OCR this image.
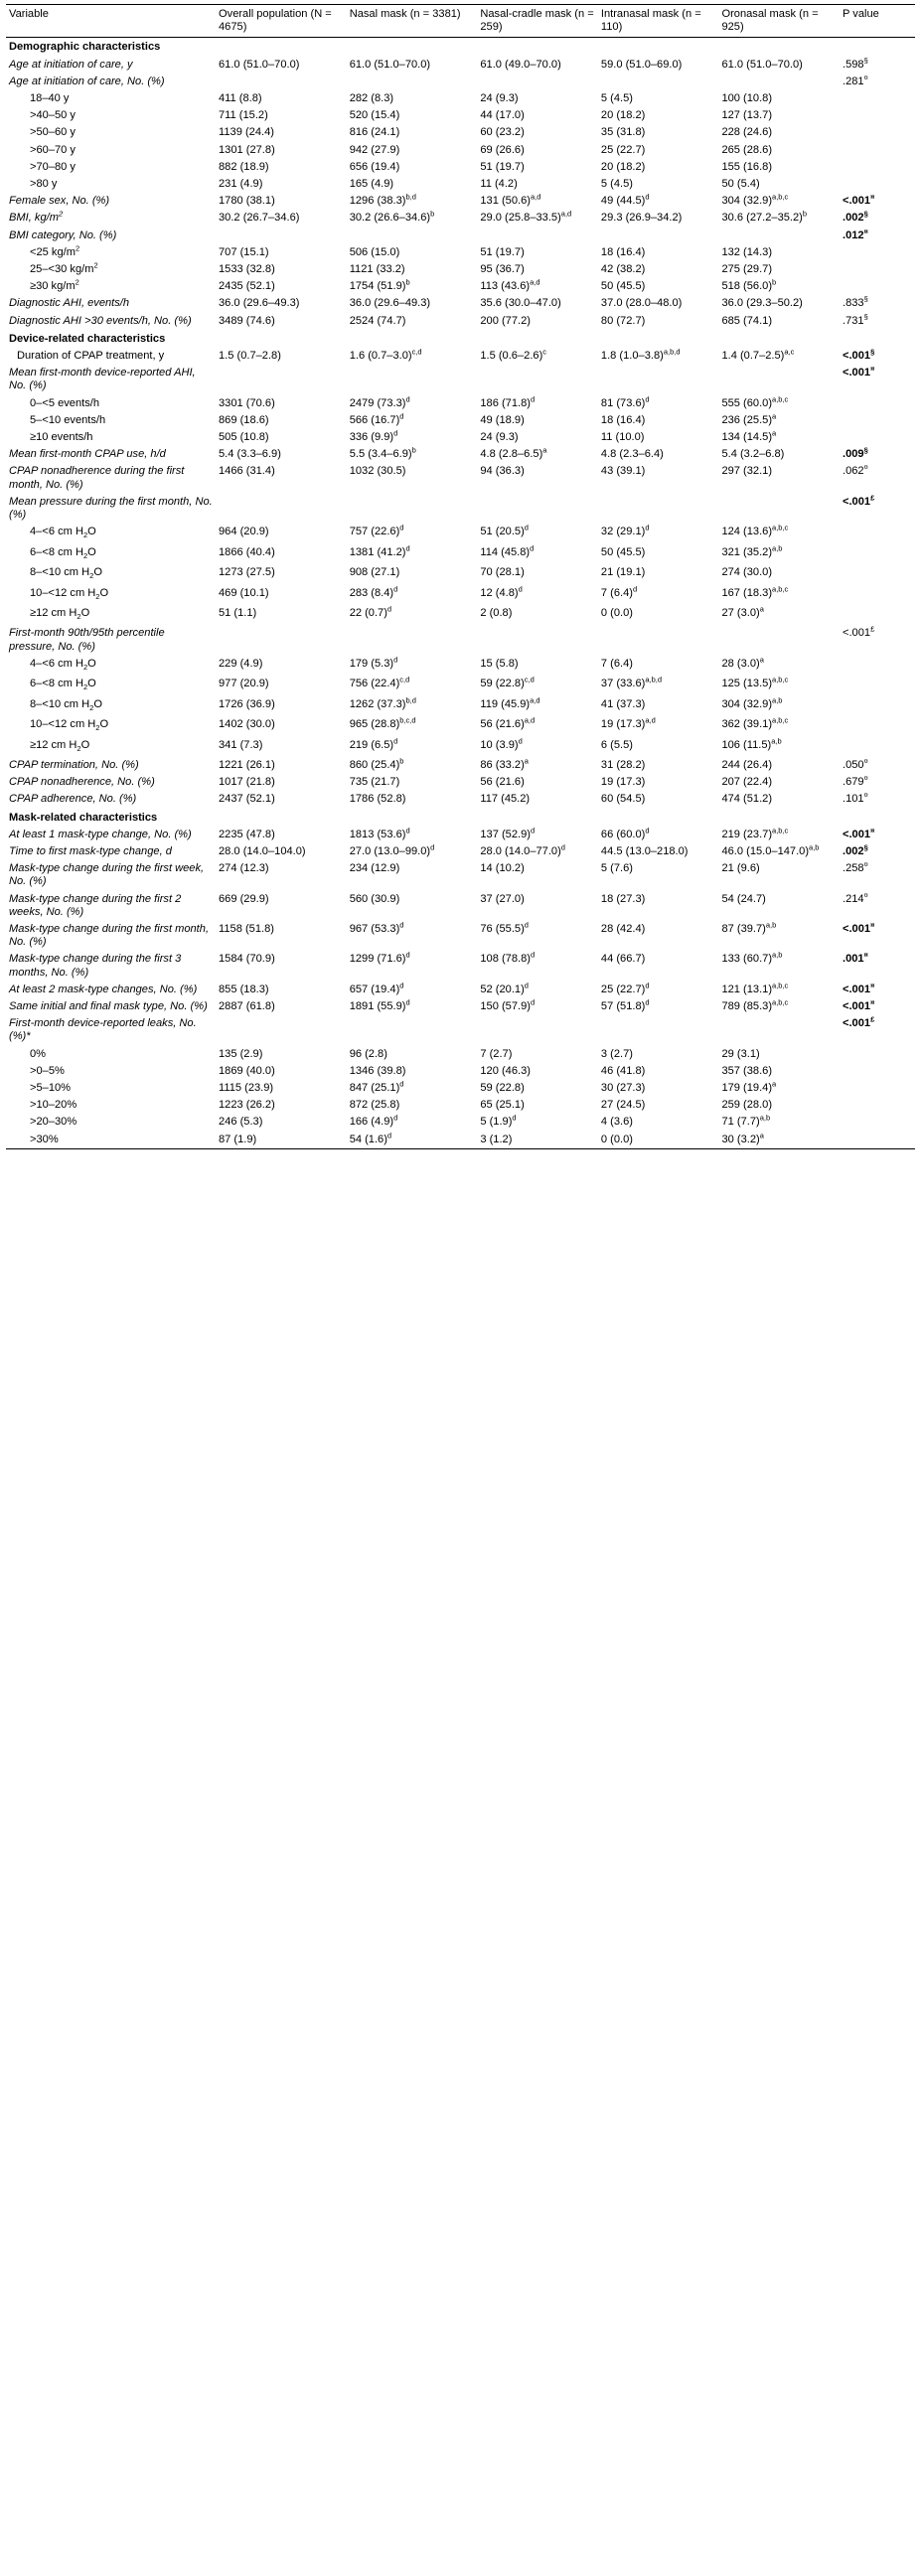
Variable	Overall population (N = 4675)	Nasal mask (n = 3381)	Nasal-cradle mask (n = 259)	Intranasal mask (n = 110)	Oronasal mask (n = 925)	P value
Demographic characteristics						
Age at initiation of care, y	61.0 (51.0–70.0)	61.0 (51.0–70.0)	61.0 (49.0–70.0)	59.0 (51.0–69.0)	61.0 (51.0–70.0)	.598§
Age at initiation of care, No. (%)						.281¤
18–40 y	411 (8.8)	282 (8.3)	24 (9.3)	5 (4.5)	100 (10.8)	
>40–50 y	711 (15.2)	520 (15.4)	44 (17.0)	20 (18.2)	127 (13.7)	
>50–60 y	1139 (24.4)	816 (24.1)	60 (23.2)	35 (31.8)	228 (24.6)	
>60–70 y	1301 (27.8)	942 (27.9)	69 (26.6)	25 (22.7)	265 (28.6)	
>70–80 y	882 (18.9)	656 (19.4)	51 (19.7)	20 (18.2)	155 (16.8)	
>80 y	231 (4.9)	165 (4.9)	11 (4.2)	5 (4.5)	50 (5.4)	
Female sex, No. (%)	1780 (38.1)	1296 $(38.3)^{b,d}$	131 $(50.6)^{a,d}$	49 $(44.5)^d$	304 $(32.9)^{a,b,c}$	<.001¤
BMI, $kg/m^2$	30.2 (26.7–34.6)	30.2 $(26.6-34.6)^b$	29.0 $(25.8-33.5)^{a,d}$	29.3 (26.9–34.2)	30.6 $(27.2-35.2)^b$	.002§
BMI category, No. (%)						.012¤
<25 $kg/m^2$	707 (15.1)	506 (15.0)	51 (19.7)	18 (16.4)	132 (14.3)	
25–<30 $kg/m^2$	1533 (32.8)	1121 (33.2)	95 (36.7)	42 (38.2)	275 (29.7)	
≥30 $kg/m^2$	2435 (52.1)	1754 $(51.9)^b$	113 $(43.6)^{a,d}$	50 (45.5)	518 $(56.0)^b$	
Diagnostic AHI, events/h	36.0 (29.6–49.3)	36.0 (29.6–49.3)	35.6 (30.0–47.0)	37.0 (28.0–48.0)	36.0 (29.3–50.2)	.833§
Diagnostic AHI >30 events/h, No. (%)	3489 (74.6)	2524 (74.7)	200 (77.2)	80 (72.7)	685 (74.1)	.731§
Device-related characteristics						
Duration of CPAP treatment, y	1.5 (0.7–2.8)	1.6 $(0.7-3.0)^{c,d}$	1.5 $(0.6-2.6)^c$	1.8 $(1.0-3.8)^{a,b,d}$	1.4 $(0.7-2.5)^{a,c}$	<.001§
Mean first-month device-reported AHI, No. (%)						<.001¤
0–<5 events/h	3301 (70.6)	2479 $(73.3)^d$	186 $(71.8)^d$	81 $(73.6)^d$	555 $(60.0)^{a,b,c}$	
5–<10 events/h	869 (18.6)	566 $(16.7)^d$	49 (18.9)	18 (16.4)	236 $(25.5)^a$	
≥10 events/h	505 (10.8)	336 $(9.9)^d$	24 (9.3)	11 (10.0)	134 $(14.5)^a$	
Mean first-month CPAP use, h/d	5.4 (3.3–6.9)	5.5 $(3.4-6.9)^b$	4.8 $(2.8-6.5)^a$	4.8 (2.3–6.4)	5.4 (3.2–6.8)	.009§
CPAP nonadherence during the first month, No. (%)	1466 (31.4)	1032 (30.5)	94 (36.3)	43 (39.1)	297 (32.1)	.062¤
Mean pressure during the first month, No. (%)						<.001£
4–<6 cm $H_2O$	964 (20.9)	757 $(22.6)^d$	51 $(20.5)^d$	32 $(29.1)^d$	124 $(13.6)^{a,b,c}$	
6–<8 cm $H_2O$	1866 (40.4)	1381 $(41.2)^d$	114 $(45.8)^d$	50 (45.5)	321 $(35.2)^{a,b}$	
8–<10 cm $H_2O$	1273 (27.5)	908 (27.1)	70 (28.1)	21 (19.1)	274 (30.0)	
10–<12 cm $H_2O$	469 (10.1)	283 $(8.4)^d$	12 $(4.8)^d$	7 $(6.4)^d$	167 $(18.3)^{a,b,c}$	
≥12 cm $H_2O$	51 (1.1)	22 $(0.7)^d$	2 (0.8)	0 (0.0)	27 $(3.0)^a$	
First-month 90th/95th percentile pressure, No. (%)						<.001£
4–<6 cm $H_2O$	229 (4.9)	179 $(5.3)^d$	15 (5.8)	7 (6.4)	28 $(3.0)^a$	
6–<8 cm $H_2O$	977 (20.9)	756 $(22.4)^{c,d}$	59 $(22.8)^{c,d}$	37 $(33.6)^{a,b,d}$	125 $(13.5)^{a,b,c}$	
8–<10 cm $H_2O$	1726 (36.9)	1262 $(37.3)^{b,d}$	119 $(45.9)^{a,d}$	41 (37.3)	304 $(32.9)^{a,b}$	
10–<12 cm $H_2O$	1402 (30.0)	965 $(28.8)^{b,c,d}$	56 $(21.6)^{a,d}$	19 $(17.3)^{a,d}$	362 $(39.1)^{a,b,c}$	
≥12 cm $H_2O$	341 (7.3)	219 $(6.5)^d$	10 $(3.9)^d$	6 (5.5)	106 $(11.5)^{a,b}$	
CPAP termination, No. (%)	1221 (26.1)	860 $(25.4)^b$	86 $(33.2)^a$	31 (28.2)	244 (26.4)	.050¤
CPAP nonadherence, No. (%)	1017 (21.8)	735 (21.7)	56 (21.6)	19 (17.3)	207 (22.4)	.679¤
CPAP adherence, No. (%)	2437 (52.1)	1786 (52.8)	117 (45.2)	60 (54.5)	474 (51.2)	.101¤
Mask-related characteristics						
At least 1 mask-type change, No. (%)	2235 (47.8)	1813 $(53.6)^d$	137 $(52.9)^d$	66 $(60.0)^d$	219 $(23.7)^{a,b,c}$	<.001¤
Time to first mask-type change, d	28.0 (14.0–104.0)	27.0 $(13.0-99.0)^d$	28.0 $(14.0-77.0)^d$	44.5 (13.0–218.0)	46.0 $(15.0-147.0)^{a,b}$	.002§
Mask-type change during the first week, No. (%)	274 (12.3)	234 (12.9)	14 (10.2)	5 (7.6)	21 (9.6)	.258¤
Mask-type change during the first 2 weeks, No. (%)	669 (29.9)	560 (30.9)	37 (27.0)	18 (27.3)	54 (24.7)	.214¤
Mask-type change during the first month, No. (%)	1158 (51.8)	967 $(53.3)^d$	76 $(55.5)^d$	28 (42.4)	87 $(39.7)^{a,b}$	<.001¤
Mask-type change during the first 3 months, No. (%)	1584 (70.9)	1299 $(71.6)^d$	108 $(78.8)^d$	44 (66.7)	133 $(60.7)^{a,b}$	.001¤
At least 2 mask-type changes, No. (%)	855 (18.3)	657 $(19.4)^d$	52 $(20.1)^d$	25 $(22.7)^d$	121 $(13.1)^{a,b,c}$	<.001¤
Same initial and final mask type, No. (%)	2887 (61.8)	1891 $(55.9)^d$	150 $(57.9)^d$	57 $(51.8)^d$	789 $(85.3)^{a,b,c}$	<.001¤
First-month device-reported leaks, No. (%)*						<.001£
0%	135 (2.9)	96 (2.8)	7 (2.7)	3 (2.7)	29 (3.1)	
>0–5%	1869 (40.0)	1346 (39.8)	120 (46.3)	46 (41.8)	357 (38.6)	
>5–10%	1115 (23.9)	847 $(25.1)^d$	59 (22.8)	30 (27.3)	179 $(19.4)^a$	
>10–20%	1223 (26.2)	872 (25.8)	65 (25.1)	27 (24.5)	259 (28.0)	
>20–30%	246 (5.3)	166 $(4.9)^d$	5 $(1.9)^d$	4 (3.6)	71 $(7.7)^{a,b}$	
>30%	87 (1.9)	54 $(1.6)^d$	3 (1.2)	0 (0.0)	30 $(3.2)^a$	
